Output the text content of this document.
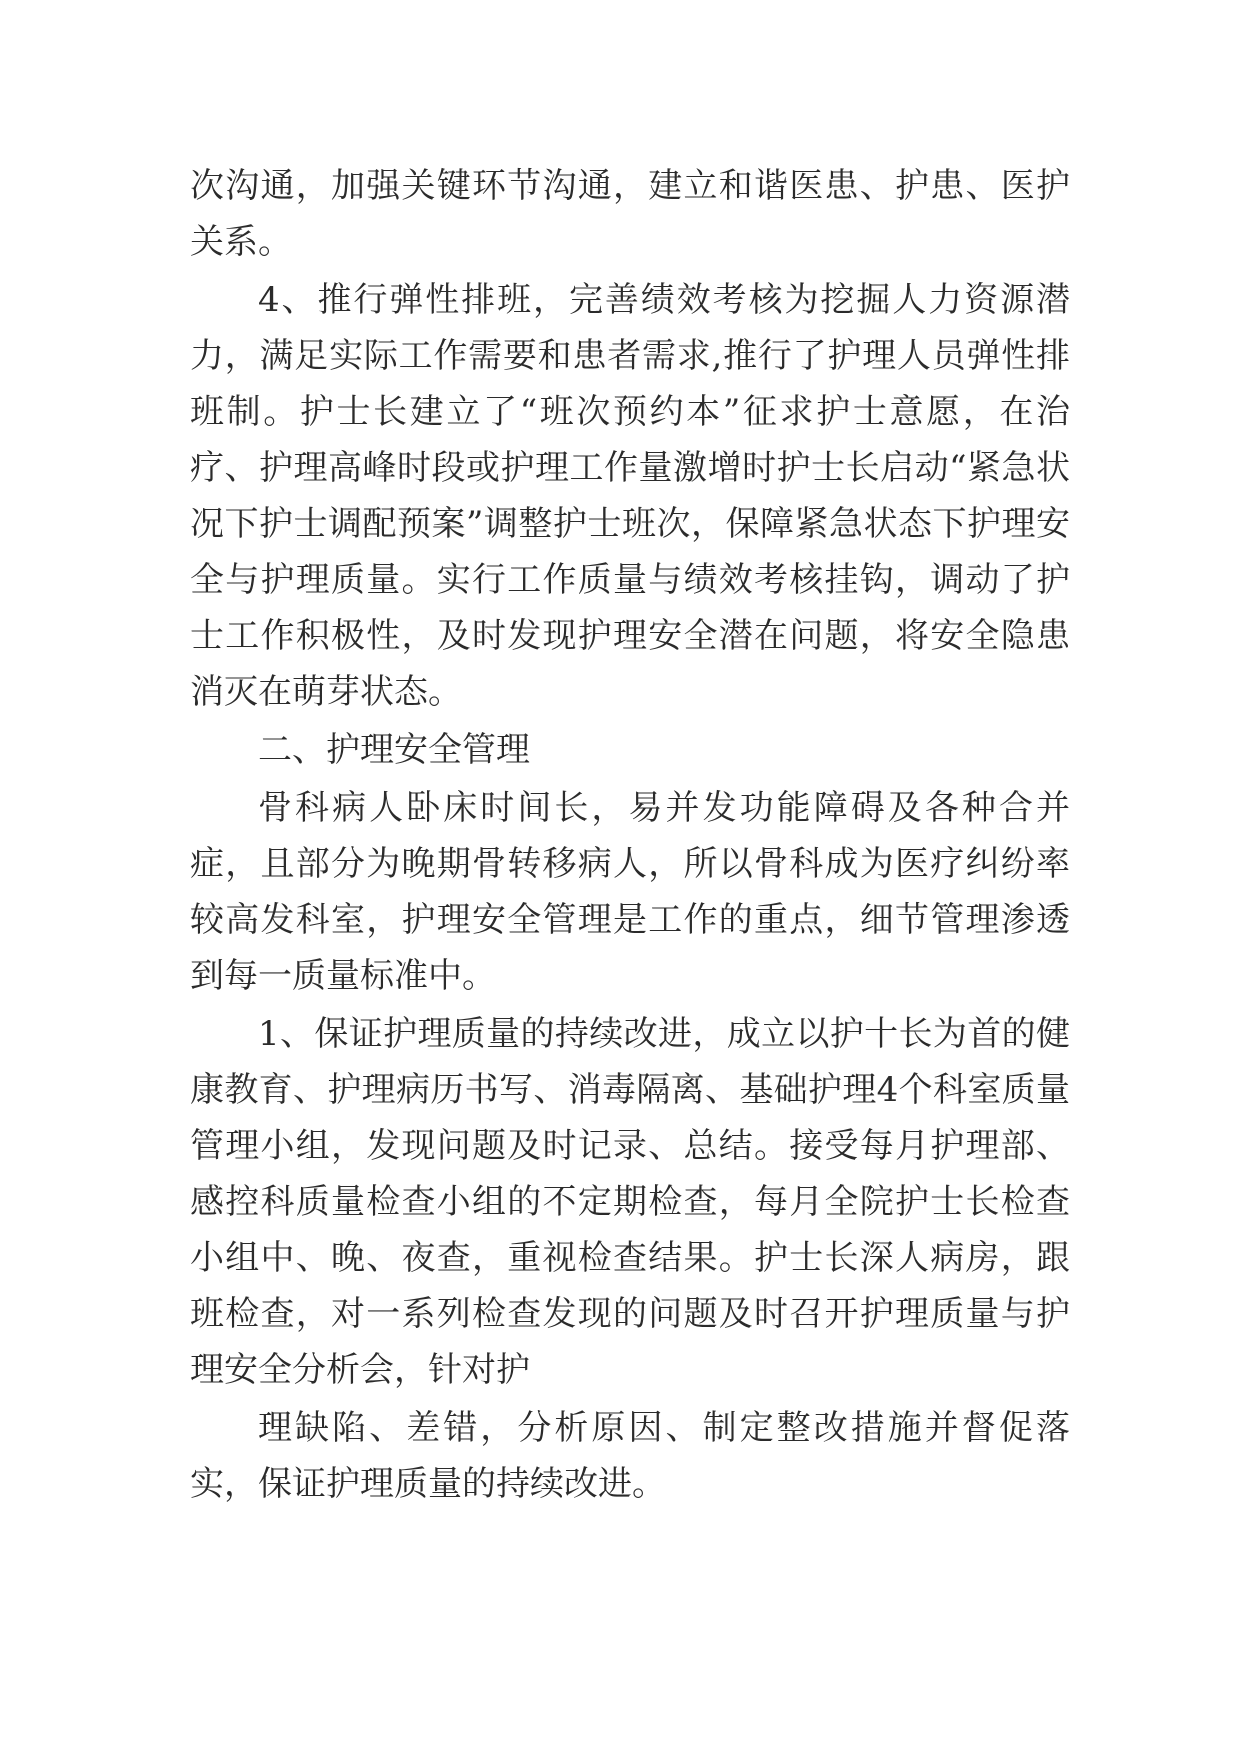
次沟通，加强关键环节沟通，建立和谐医患、护患、医护关系。

4、推行弹性排班，完善绩效考核为挖掘人力资源潜力，满足实际工作需要和患者需求,推行了护理人员弹性排班制。护士长建立了“班次预约本”征求护士意愿，在治疗、护理高峰时段或护理工作量激增时护士长启动“紧急状况下护士调配预案”调整护士班次，保障紧急状态下护理安全与护理质量。实行工作质量与绩效考核挂钩，调动了护士工作积极性，及时发现护理安全潜在问题，将安全隐患消灭在萌芽状态。

二、护理安全管理

骨科病人卧床时间长，易并发功能障碍及各种合并症，且部分为晚期骨转移病人，所以骨科成为医疗纠纷率较高发科室，护理安全管理是工作的重点，细节管理渗透到每一质量标准中。

1、保证护理质量的持续改进，成立以护十长为首的健康教育、护理病历书写、消毒隔离、基础护理4个科室质量管理小组，发现问题及时记录、总结。接受每月护理部、感控科质量检查小组的不定期检查，每月全院护士长检查小组中、晚、夜查，重视检查结果。护士长深人病房，跟班检查，对一系列检查发现的问题及时召开护理质量与护理安全分析会，针对护

理缺陷、差错，分析原因、制定整改措施并督促落实，保证护理质量的持续改进。
